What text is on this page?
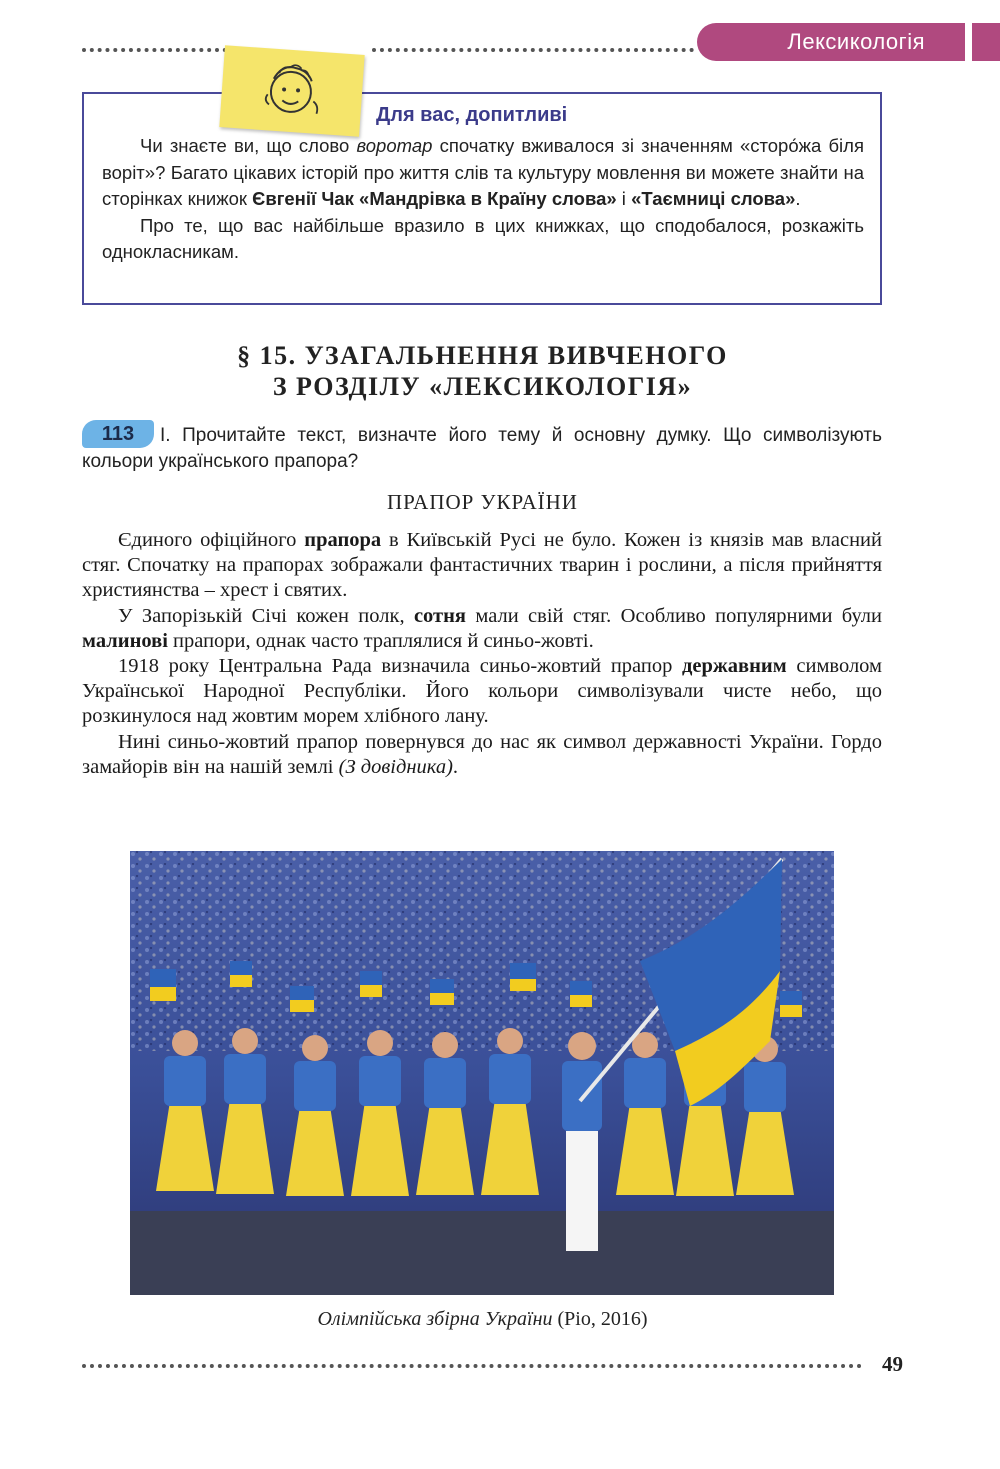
Лексикологія
Для вас, допитливі

Чи знаєте ви, що слово воротар спочатку вживалося зі значенням «сторо́жа біля воріт»? Багато цікавих історій про життя слів та культуру мовлення ви можете знайти на сторінках книжок Євгенії Чак «Мандрівка в Країну слова» і «Таємниці слова».

Про те, що вас найбільше вразило в цих книжках, що сподобалося, розкажіть однокласникам.

§ 15. УЗАГАЛЬНЕННЯ ВИВЧЕНОГО
З РОЗДІЛУ «ЛЕКСИКОЛОГІЯ»
І. Прочитайте текст, визначте його тему й основну думку. Що символізують кольори українського прапора?
113
ПРАПОР УКРАЇНИ

Єдиного офіційного прапора в Київській Русі не було. Кожен із князів мав власний стяг. Спочатку на прапорах зображали фантастичних тварин і рослини, а після прийняття християнства – хрест і святих.

У Запорізькій Січі кожен полк, сотня мали свій стяг. Особливо популярними були малинові прапори, однак часто траплялися й синьо-жовті.

1918 року Центральна Рада визначила синьо-жовтий прапор державним символом Української Народної Республіки. Його кольори символізували чисте небо, що розкинулося над жовтим морем хлібного лану.

Нині синьо-жовтий прапор повернувся до нас як символ державності України. Гордо замайорів він на нашій землі (З довідника).

Олімпійська збірна України (Ріо, 2016)
49
